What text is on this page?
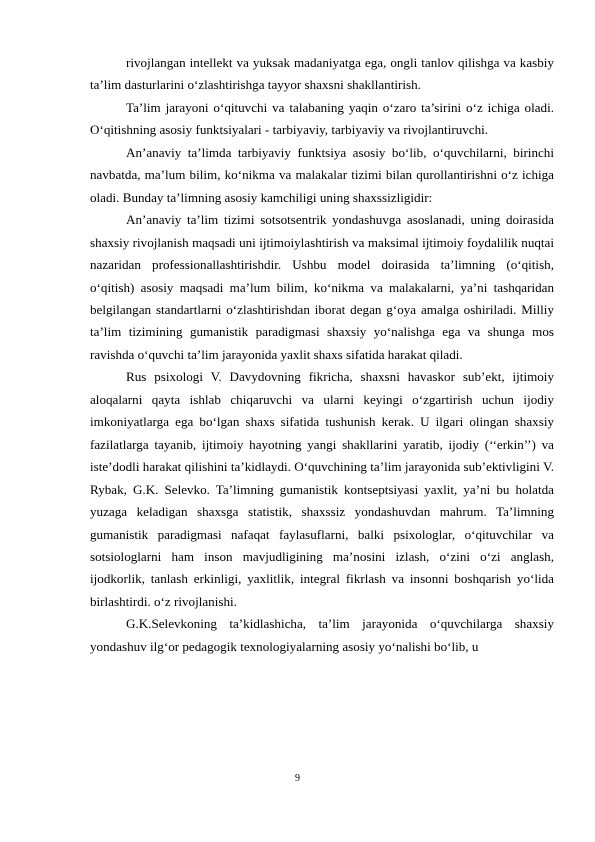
rivojlangan intellekt va yuksak madaniyatga ega, ongli tanlov qilishga va kasbiy ta’lim dasturlarini o‘zlashtirishga tayyor shaxsni shakllantirish.

Ta’lim jarayoni o‘qituvchi va talabaning yaqin o‘zaro ta’sirini o‘z ichiga oladi. O‘qitishning asosiy funktsiyalari - tarbiyaviy, tarbiyaviy va rivojlantiruvchi.

An’anaviy ta’limda tarbiyaviy funktsiya asosiy bo‘lib, o‘quvchilarni, birinchi navbatda, ma’lum bilim, ko‘nikma va malakalar tizimi bilan qurollantirishni o‘z ichiga oladi. Bunday ta’limning asosiy kamchiligi uning shaxssizligidir:

An’anaviy ta’lim tizimi sotsotsentrik yondashuvga asoslanadi, uning doirasida shaxsiy rivojlanish maqsadi uni ijtimoiylashtirish va maksimal ijtimoiy foydalilik nuqtai nazaridan professionallashtirishdir. Ushbu model doirasida ta’limning (o‘qitish, o‘qitish) asosiy maqsadi ma’lum bilim, ko‘nikma va malakalarni, ya’ni tashqaridan belgilangan standartlarni o‘zlashtirishdan iborat degan g‘oya amalga oshiriladi. Milliy ta’lim tizimining gumanistik paradigmasi shaxsiy yo‘nalishga ega va shunga mos ravishda o‘quvchi ta’lim jarayonida yaxlit shaxs sifatida harakat qiladi.

Rus psixologi V. Davydovning fikricha, shaxsni havaskor sub’ekt, ijtimoiy aloqalarni qayta ishlab chiqaruvchi va ularni keyingi o‘zgartirish uchun ijodiy imkoniyatlarga ega bo‘lgan shaxs sifatida tushunish kerak. U ilgari olingan shaxsiy fazilatlarga tayanib, ijtimoiy hayotning yangi shakllarini yaratib, ijodiy (‘‘erkin’’) va iste’dodli harakat qilishini ta’kidlaydi. O‘quvchining ta’lim jarayonida sub’ektivligini V. Rybak, G.K. Selevko. Ta’limning gumanistik kontseptsiyasi yaxlit, ya’ni bu holatda yuzaga keladigan shaxsga statistik, shaxssiz yondashuvdan mahrum. Ta’limning gumanistik paradigmasi nafaqat faylasuflarni, balki psixologlar, o‘qituvchilar va sotsiologlarni ham inson mavjudligining ma’nosini izlash, o‘zini o‘zi anglash, ijodkorlik, tanlash erkinligi, yaxlitlik, integral fikrlash va insonni boshqarish yo‘lida birlashtirdi. o‘z rivojlanishi.

G.K.Selevkoning ta’kidlashicha, ta’lim jarayonida o‘quvchilarga shaxsiy yondashuv ilg‘or pedagogik texnologiyalarning asosiy yo‘nalishi bo‘lib, u

9
